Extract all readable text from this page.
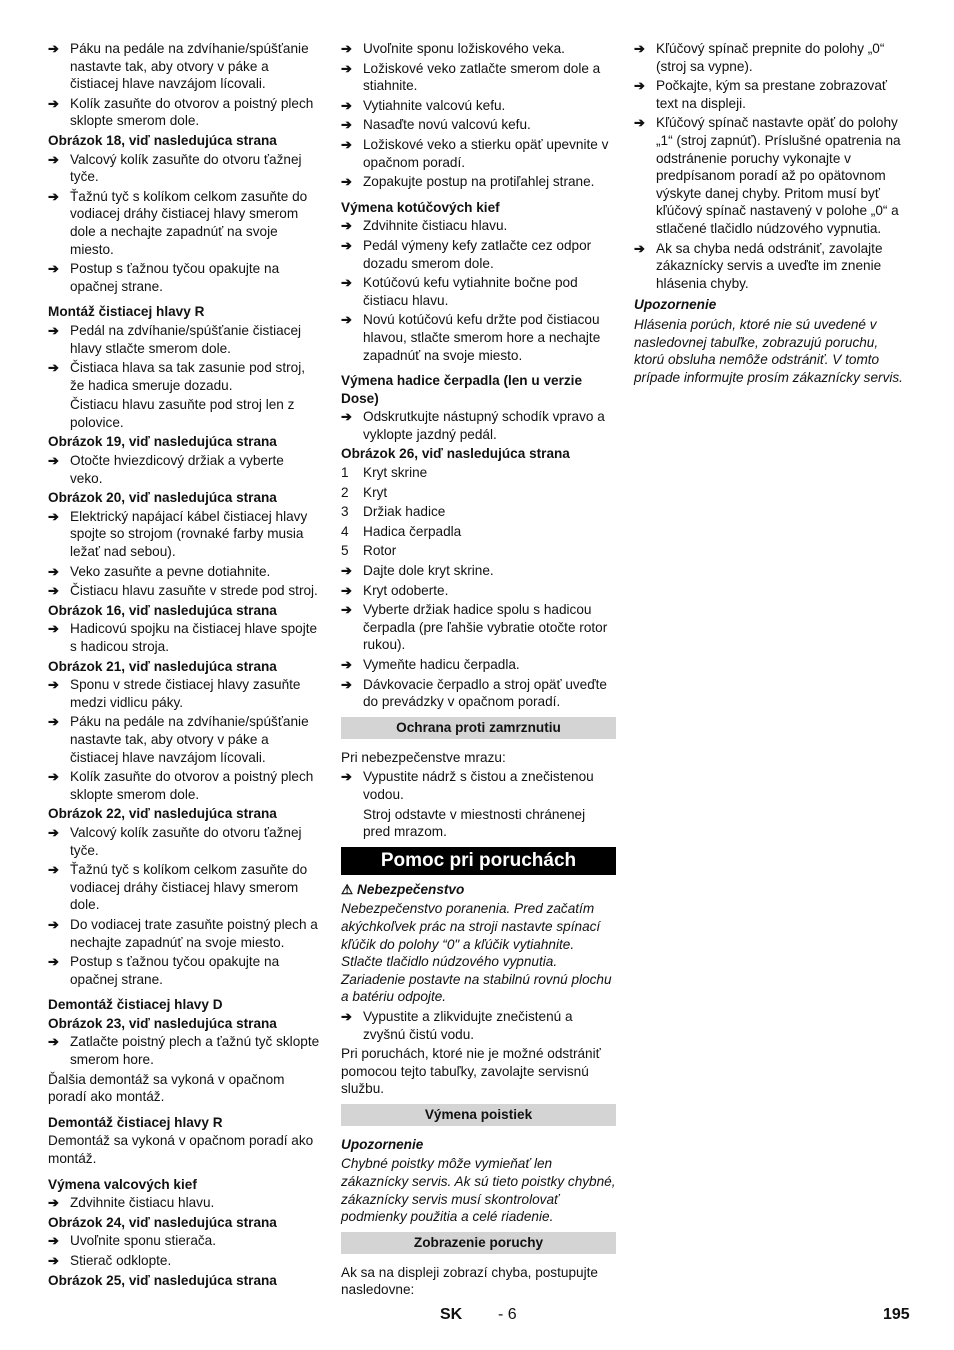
➔ Páku na pedále na zdvíhanie/spúšťanie nastavte tak, aby otvory v páke a čistiacej hlave navzájom lícovali.
➔ Kolík zasuňte do otvorov a poistný plech sklopte smerom dole.
Obrázok 18, viď nasledujúca strana
➔ Valcový kolík zasuňte do otvoru ťažnej tyče.
➔ Ťažnú tyč s kolíkom celkom zasuňte do vodiacej dráhy čistiacej hlavy smerom dole a nechajte zapadnúť na svoje miesto.
➔ Postup s ťažnou tyčou opakujte na opačnej strane.
Montáž čistiacej hlavy R
➔ Pedál na zdvíhanie/spúšťanie čistiacej hlavy stlačte smerom dole.
➔ Čistiaca hlava sa tak zasunie pod stroj, že hadica smeruje dozadu.
Čistiacu hlavu zasuňte pod stroj len z polovice.
Obrázok 19, viď nasledujúca strana
➔ Otočte hviezdicový držiak a vyberte veko.
Obrázok 20, viď nasledujúca strana
➔ Elektrický napájací kábel čistiacej hlavy spojte so strojom (rovnaké farby musia ležať nad sebou).
➔ Veko zasuňte a pevne dotiahnite.
➔ Čistiacu hlavu zasuňte v strede pod stroj.
Obrázok 16, viď nasledujúca strana
➔ Hadicovú spojku na čistiacej hlave spojte s hadicou stroja.
Obrázok 21, viď nasledujúca strana
➔ Sponu v strede čistiacej hlavy zasuňte medzi vidlicu páky.
➔ Páku na pedále na zdvíhanie/spúšťanie nastavte tak, aby otvory v páke a čistiacej hlave navzájom lícovali.
➔ Kolík zasuňte do otvorov a poistný plech sklopte smerom dole.
Obrázok 22, viď nasledujúca strana
➔ Valcový kolík zasuňte do otvoru ťažnej tyče.
➔ Ťažnú tyč s kolíkom celkom zasuňte do vodiacej dráhy čistiacej hlavy smerom dole.
➔ Do vodiacej trate zasuňte poistný plech a nechajte zapadnúť na svoje miesto.
➔ Postup s ťažnou tyčou opakujte na opačnej strane.
Demontáž čistiacej hlavy D
Obrázok 23, viď nasledujúca strana
➔ Zatlačte poistný plech a ťažnú tyč sklopte smerom hore.
Ďalšia demontáž sa vykoná v opačnom poradí ako montáž.
Demontáž čistiacej hlavy R
Demontáž sa vykoná v opačnom poradí ako montáž.
Výmena valcových kief
➔ Zdvihnite čistiacu hlavu.
Obrázok 24, viď nasledujúca strana
➔ Uvoľnite sponu stierača.
➔ Stierač odklopte.
Obrázok 25, viď nasledujúca strana
➔ Uvoľnite sponu ložiskového veka.
➔ Ložiskové veko zatlačte smerom dole a stiahnite.
➔ Vytiahnite valcovú kefu.
➔ Nasaďte novú valcovú kefu.
➔ Ložiskové veko a stierku opäť upevnite v opačnom poradí.
➔ Zopakujte postup na protiľahlej strane.
Výmena kotúčových kief
➔ Zdvihnite čistiacu hlavu.
➔ Pedál výmeny kefy zatlačte cez odpor dozadu smerom dole.
➔ Kotúčovú kefu vytiahnite bočne pod čistiacu hlavu.
➔ Novú kotúčovú kefu držte pod čistiacou hlavou, stlačte smerom hore a nechajte zapadnúť na svoje miesto.
Výmena hadice čerpadla (len u verzie Dose)
➔ Odskrutkujte nástupný schodík vpravo a vyklopte jazdný pedál.
Obrázok 26, viď nasledujúca strana
1 Kryt skrine
2 Kryt
3 Držiak hadice
4 Hadica čerpadla
5 Rotor
➔ Dajte dole kryt skrine.
➔ Kryt odoberte.
➔ Vyberte držiak hadice spolu s hadicou čerpadla (pre ľahšie vybratie otočte rotor rukou).
➔ Vymeňte hadicu čerpadla.
➔ Dávkovacie čerpadlo a stroj opäť uveďte do prevádzky v opačnom poradí.
Ochrana proti zamrznutiu
Pri nebezpečenstve mrazu:
➔ Vypustite nádrž s čistou a znečistenou vodou.
Stroj odstavte v miestnosti chránenej pred mrazom.
Pomoc pri poruchách
⚠ Nebezpečenstvo
Nebezpečenstvo poranenia. Pred začatím akýchkoľvek prác na stroji nastavte spínací kľúčik do polohy “0" a kľúčik vytiahnite. Stlačte tlačidlo núdzového vypnutia. Zariadenie postavte na stabilnú rovnú plochu a batériu odpojte.
➔ Vypustite a zlikvidujte znečistenú a zvyšnú čistú vodu.
Pri poruchách, ktoré nie je možné odstrániť pomocou tejto tabuľky, zavolajte servisnú službu.
Výmena poistiek
Upozornenie
Chybné poistky môže vymieňať len zákaznícky servis. Ak sú tieto poistky chybné, zákaznícky servis musí skontrolovať podmienky použitia a celé riadenie.
Zobrazenie poruchy
Ak sa na displeji zobrazí chyba, postupujte nasledovne:
➔ Kľúčový spínač prepnite do polohy „0“ (stroj sa vypne).
➔ Počkajte, kým sa prestane zobrazovať text na displeji.
➔ Kľúčový spínač nastavte opäť do polohy „1“ (stroj zapnúť). Príslušné opatrenia na odstránenie poruchy vykonajte v predpísanom poradí až po opätovnom výskyte danej chyby. Pritom musí byť kľúčový spínač nastavený v polohe „0“ a stlačené tlačidlo núdzového vypnutia.
➔ Ak sa chyba nedá odstrániť, zavolajte zákaznícky servis a uveďte im znenie hlásenia chyby.
Upozornenie
Hlásenia porúch, ktoré nie sú uvedené v nasledovnej tabuľke, zobrazujú poruchu, ktorú obsluha nemôže odstrániť. V tomto prípade informujte prosím zákaznícky servis.
SK - 6	195
